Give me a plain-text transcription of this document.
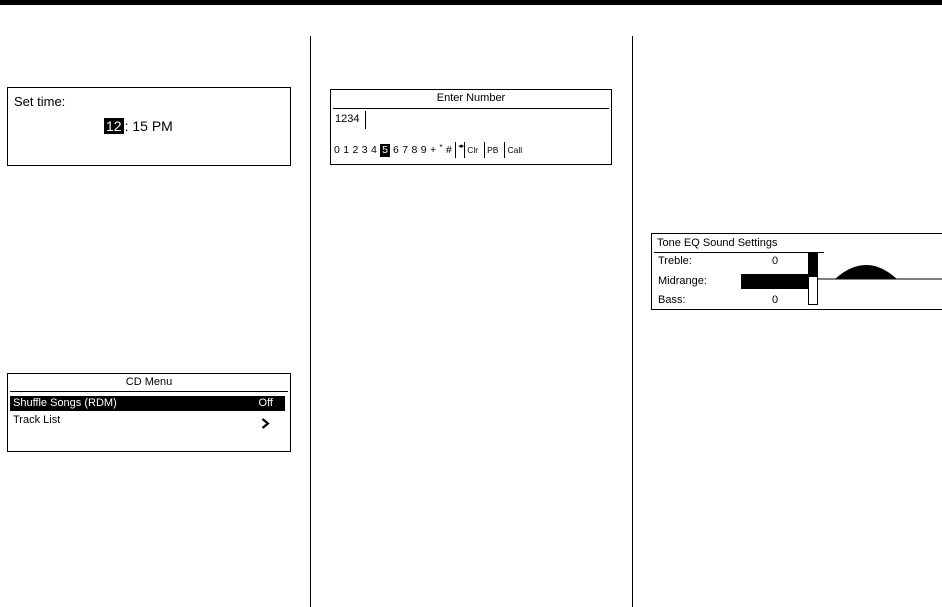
Set time:
12 : 15 PM
Enter Number
1234
0 1 2 3 4 5 6 7 8 9 + * # ◂▸ Clr PB Call
CD Menu
Shuffle Songs (RDM)	Off
Track List
Tone EQ Sound Settings
Treble:	0
Midrange:
Bass:	0
